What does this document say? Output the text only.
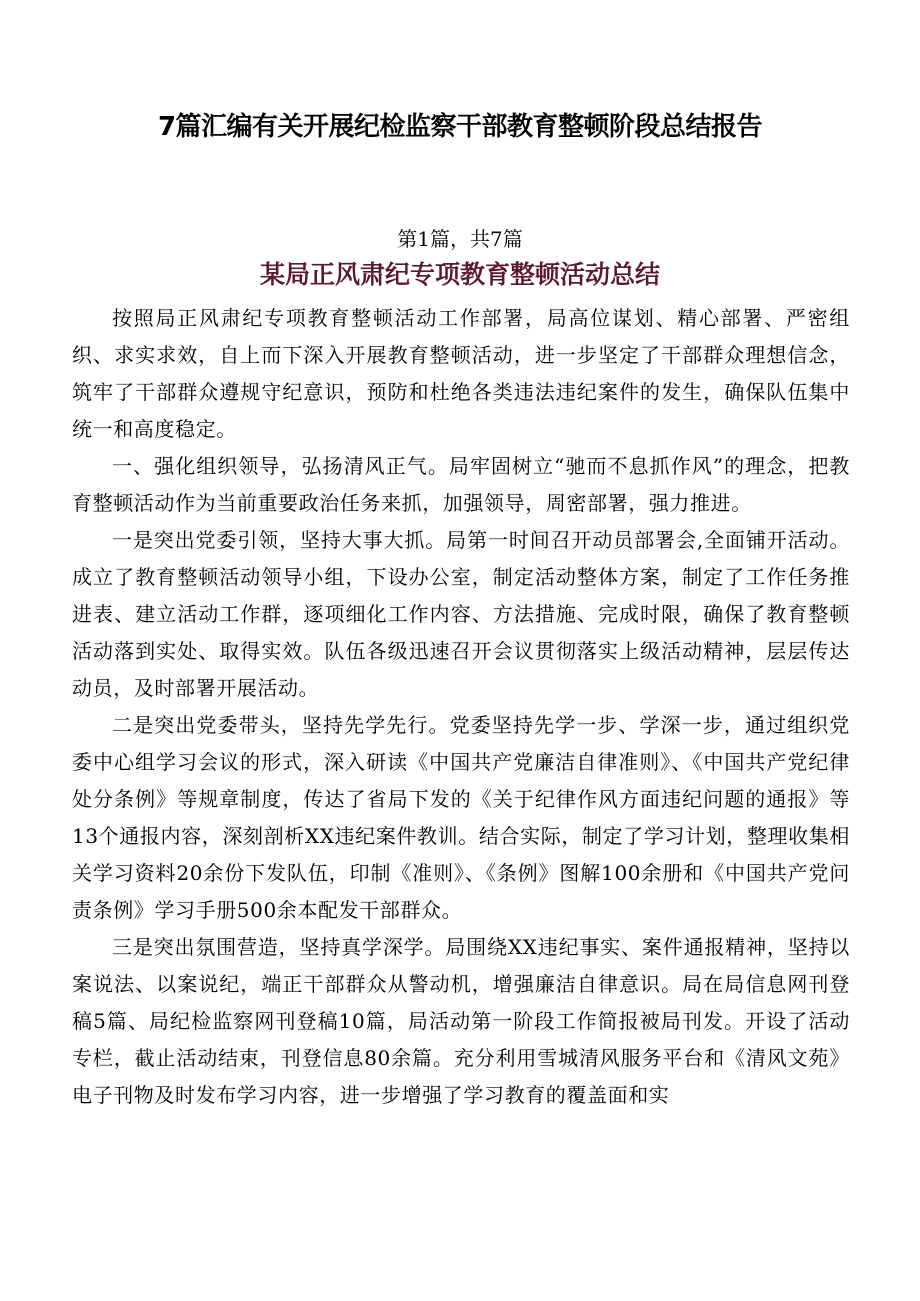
7篇汇编有关开展纪检监察干部教育整顿阶段总结报告
第1篇，共7篇
某局正风肃纪专项教育整顿活动总结

按照局正风肃纪专项教育整顿活动工作部署，局高位谋划、精心部署、严密组织、求实求效，自上而下深入开展教育整顿活动，进一步坚定了干部群众理想信念，筑牢了干部群众遵规守纪意识，预防和杜绝各类违法违纪案件的发生，确保队伍集中统一和高度稳定。

一、强化组织领导，弘扬清风正气。局牢固树立“驰而不息抓作风”的理念，把教育整顿活动作为当前重要政治任务来抓，加强领导，周密部署，强力推进。

一是突出党委引领，坚持大事大抓。局第一时间召开动员部署会,全面铺开活动。成立了教育整顿活动领导小组，下设办公室，制定活动整体方案，制定了工作任务推进表、建立活动工作群，逐项细化工作内容、方法措施、完成时限，确保了教育整顿活动落到实处、取得实效。队伍各级迅速召开会议贯彻落实上级活动精神，层层传达动员，及时部署开展活动。

二是突出党委带头，坚持先学先行。党委坚持先学一步、学深一步，通过组织党委中心组学习会议的形式，深入研读《中国共产党廉洁自律准则》、《中国共产党纪律处分条例》等规章制度，传达了省局下发的《关于纪律作风方面违纪问题的通报》等13个通报内容，深刻剖析XX违纪案件教训。结合实际，制定了学习计划，整理收集相关学习资料20余份下发队伍，印制《准则》、《条例》图解100余册和《中国共产党问责条例》学习手册500余本配发干部群众。

三是突出氛围营造，坚持真学深学。局围绕XX违纪事实、案件通报精神，坚持以案说法、以案说纪，端正干部群众从警动机，增强廉洁自律意识。局在局信息网刊登稿5篇、局纪检监察网刊登稿10篇，局活动第一阶段工作简报被局刊发。开设了活动专栏，截止活动结束，刊登信息80余篇。充分利用雪城清风服务平台和《清风文苑》电子刊物及时发布学习内容，进一步增强了学习教育的覆盖面和实
